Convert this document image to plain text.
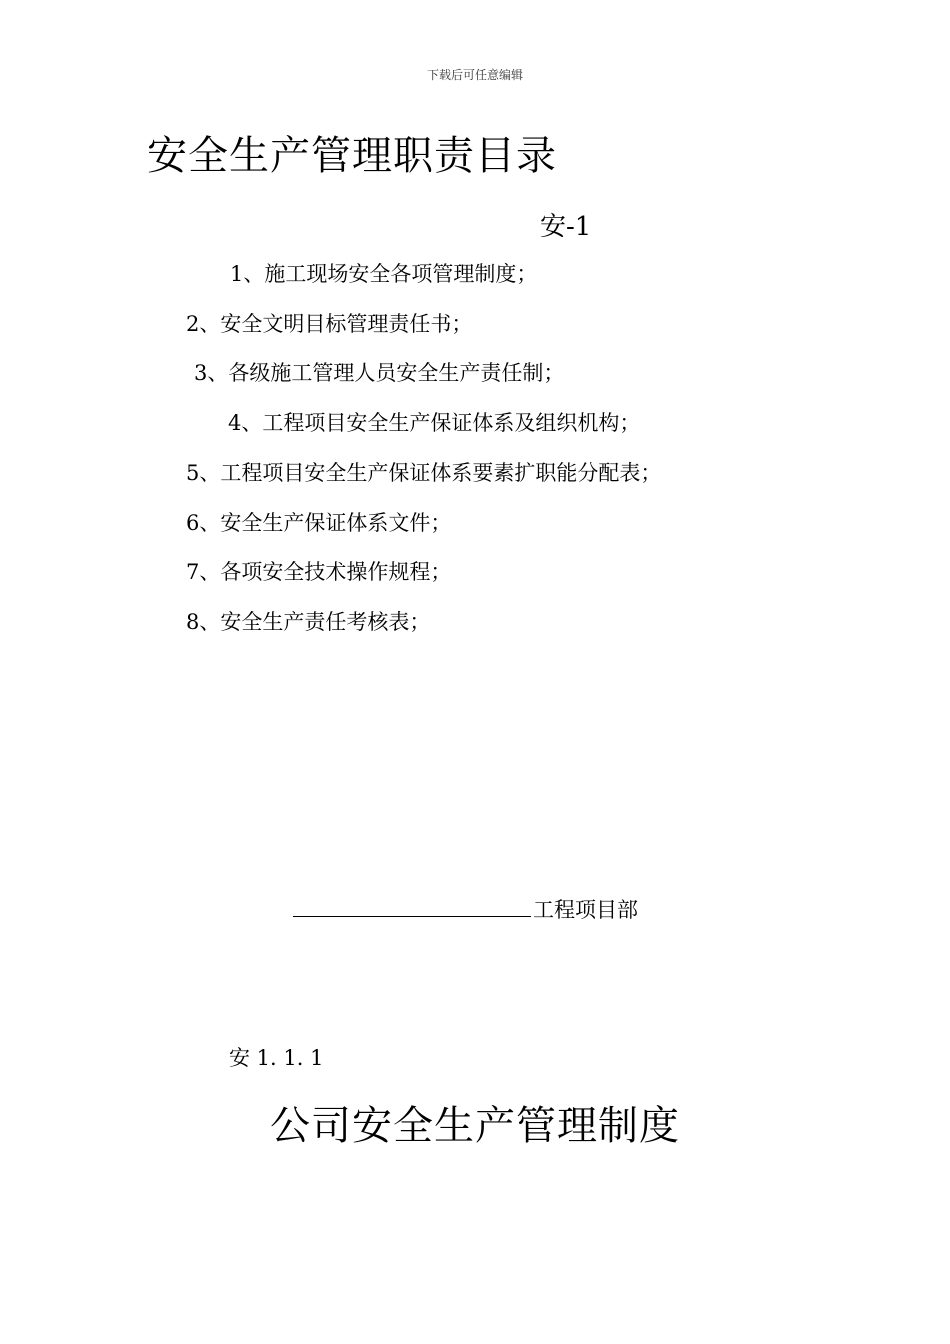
下载后可任意编辑
安全生产管理职责目录
安-1
1、施工现场安全各项管理制度；
2、安全文明目标管理责任书；
3、各级施工管理人员安全生产责任制；
4、工程项目安全生产保证体系及组织机构；
5、工程项目安全生产保证体系要素扩职能分配表；
6、安全生产保证体系文件；
7、各项安全技术操作规程；
8、安全生产责任考核表；
工程项目部
安 1. 1. 1
公司安全生产管理制度
